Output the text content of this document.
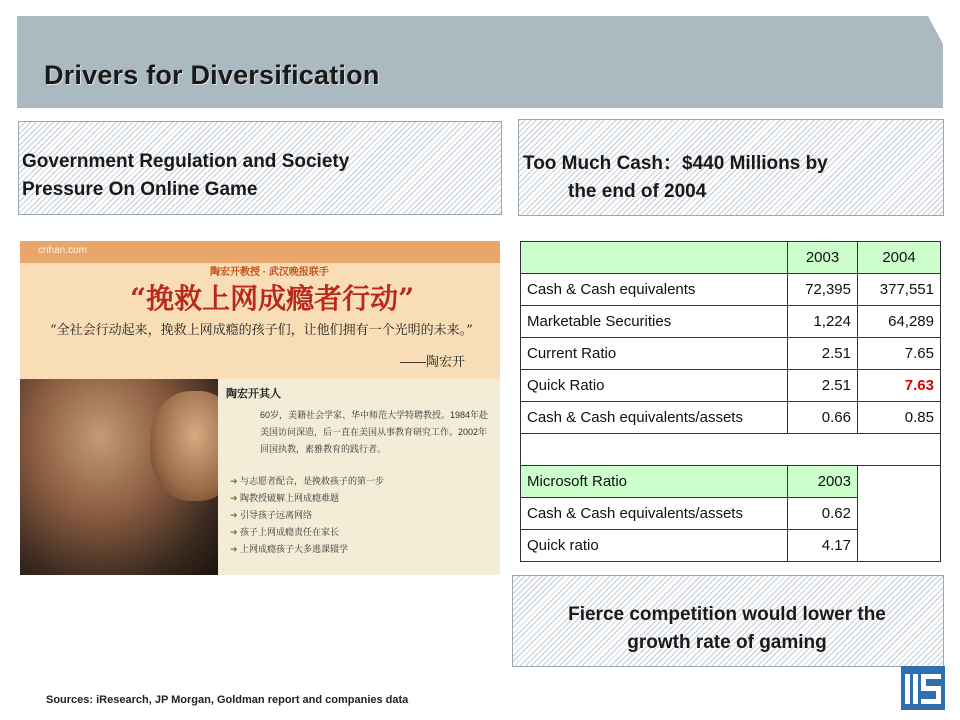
Drivers for Diversification
Government Regulation and Society
Pressure On Online Game
Too Much Cash：$440 Millions by
the end of 2004
cnhan.com
陶宏开教授 · 武汉晚报联手
“挽救上网成瘾者行动”
“全社会行动起来，挽救上网成瘾的孩子们，让他们拥有一个光明的未来。”
——陶宏开
陶宏开其人
60岁，美籍社会学家、华中师范大学特聘教授。1984年赴美国访问深造，后一直在美国从事教育研究工作。2002年回国执教，素雅教育的践行者。
➜ 与志愿者配合，是挽救孩子的第一步
➜ 陶教授破解上网成瘾难题
➜ 引导孩子远离网络
➜ 孩子上网成瘾责任在家长
➜ 上网成瘾孩子大多逃课辍学
	2003	2004
Cash & Cash equivalents	72,395	377,551
Marketable Securities	1,224	64,289
Current Ratio	2.51	7.65
Quick Ratio	2.51	7.63
Cash & Cash equivalents/assets	0.66	0.85

Microsoft Ratio	2003	
Cash & Cash equivalents/assets	0.62	
Quick ratio	4.17	
Fierce competition would lower the
growth rate of gaming
Sources: iResearch, JP Morgan, Goldman report and companies data
